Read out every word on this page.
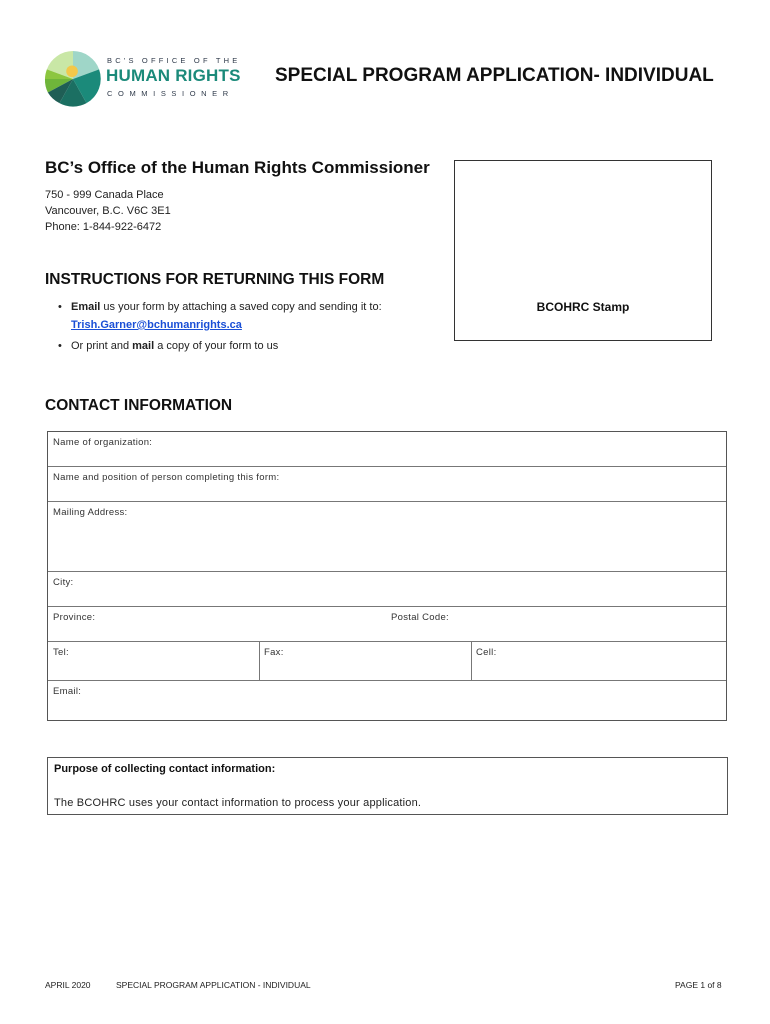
BC'S OFFICE OF THE
HUMAN RIGHTS
COMMISSIONER
SPECIAL PROGRAM APPLICATION- INDIVIDUAL
BC’s Office of the Human Rights Commissioner
750 - 999 Canada Place
Vancouver, B.C. V6C 3E1
Phone: 1-844-922-6472
BCOHRC Stamp
INSTRUCTIONS FOR RETURNING THIS FORM
• Email us your form by attaching a saved copy and sending it to:
Trish.Garner@bchumanrights.ca
• Or print and mail a copy of your form to us
CONTACT INFORMATION
Name of organization:
Name and position of person completing this form:
Mailing Address:
City:
Province:	Postal Code:
Tel:	Fax:	Cell:
Email:
Purpose of collecting contact information:
The BCOHRC uses your contact information to process your application.
APRIL 2020	SPECIAL PROGRAM APPLICATION - INDIVIDUAL	PAGE 1 of 8
